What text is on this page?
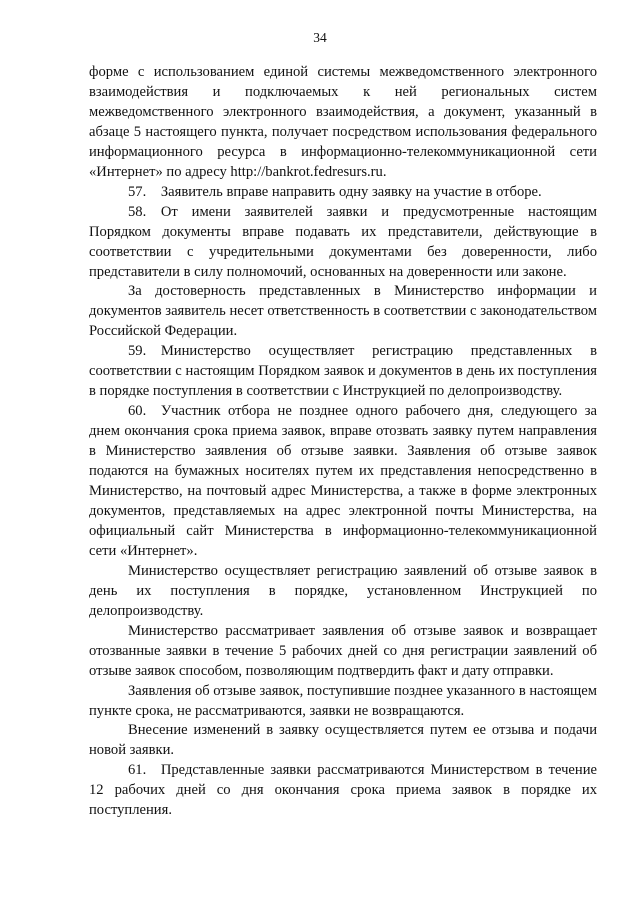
34

форме с использованием единой системы межведомственного электронного взаимодействия и подключаемых к ней региональных систем межведомственного электронного взаимодействия, а документ, указанный в абзаце 5 настоящего пункта, получает посредством использования федерального информационного ресурса в информационно-телекоммуникационной сети «Интернет» по адресу http://bankrot.fedresurs.ru.

57. Заявитель вправе направить одну заявку на участие в отборе.

58. От имени заявителей заявки и предусмотренные настоящим Порядком документы вправе подавать их представители, действующие в соответствии с учредительными документами без доверенности, либо представители в силу полномочий, основанных на доверенности или законе.

За достоверность представленных в Министерство информации и документов заявитель несет ответственность в соответствии с законодательством Российской Федерации.

59. Министерство осуществляет регистрацию представленных в соответствии с настоящим Порядком заявок и документов в день их поступления в порядке поступления в соответствии с Инструкцией по делопроизводству.

60. Участник отбора не позднее одного рабочего дня, следующего за днем окончания срока приема заявок, вправе отозвать заявку путем направления в Министерство заявления об отзыве заявки. Заявления об отзыве заявок подаются на бумажных носителях путем их представления непосредственно в Министерство, на почтовый адрес Министерства, а также в форме электронных документов, представляемых на адрес электронной почты Министерства, на официальный сайт Министерства в информационно-телекоммуникационной сети «Интернет».

Министерство осуществляет регистрацию заявлений об отзыве заявок в день их поступления в порядке, установленном Инструкцией по делопроизводству.

Министерство рассматривает заявления об отзыве заявок и возвращает отозванные заявки в течение 5 рабочих дней со дня регистрации заявлений об отзыве заявок способом, позволяющим подтвердить факт и дату отправки.

Заявления об отзыве заявок, поступившие позднее указанного в настоящем пункте срока, не рассматриваются, заявки не возвращаются.

Внесение изменений в заявку осуществляется путем ее отзыва и подачи новой заявки.

61. Представленные заявки рассматриваются Министерством в течение 12 рабочих дней со дня окончания срока приема заявок в порядке их поступления.
